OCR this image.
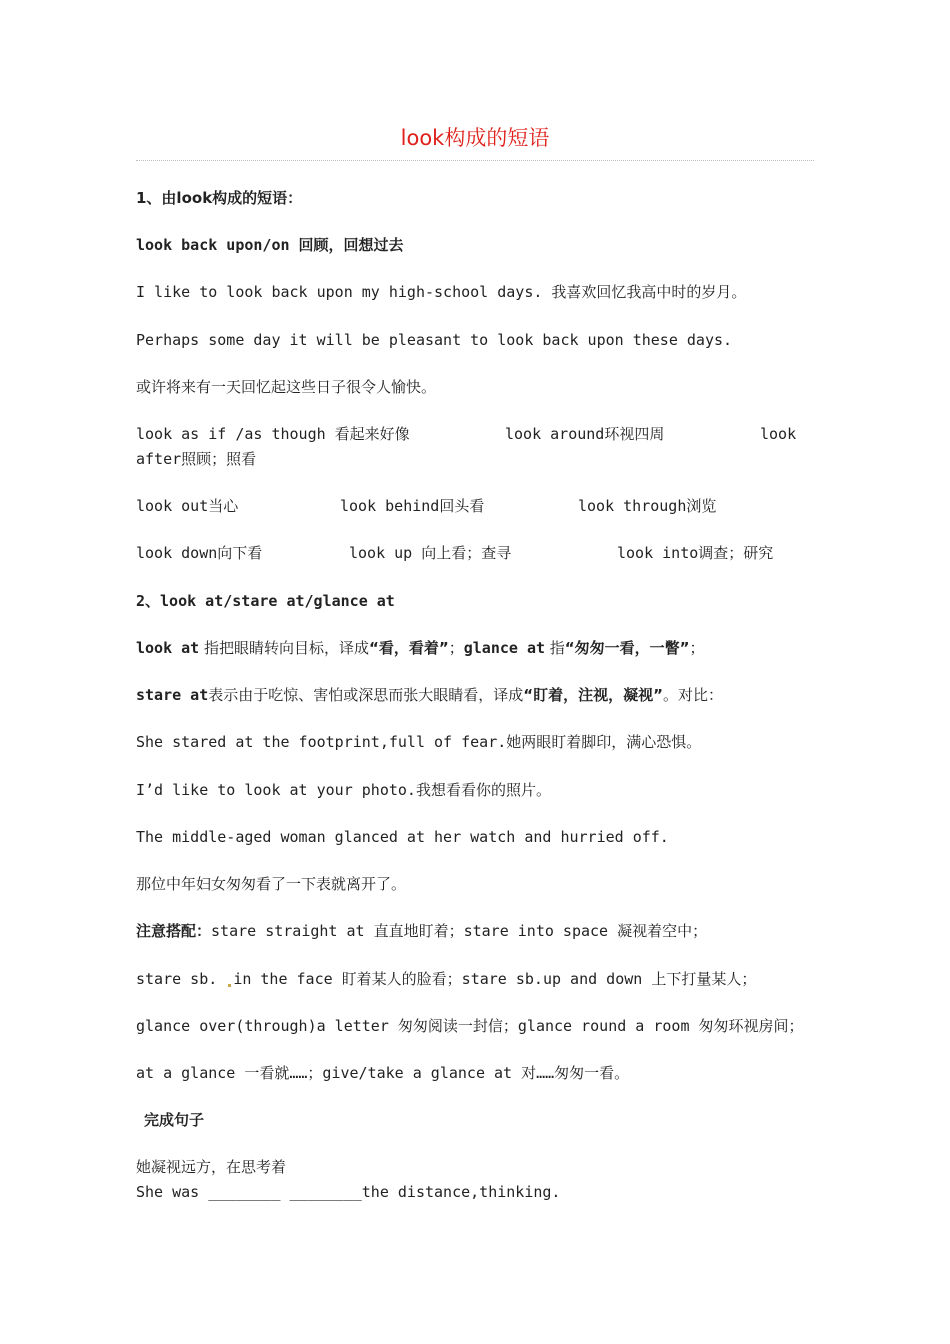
look构成的短语
1、由look构成的短语：
look back upon/on 回顾，回想过去
I like to look back upon my high-school days. 我喜欢回忆我高中时的岁月。
Perhaps some day it will be pleasant to look back upon these days.
或许将来有一天回忆起这些日子很令人愉快。
look as if /as though 看起来好像	look around环视四周	look
after照顾；照看
look out当心	look behind回头看	look through浏览
look down向下看	look up 向上看；查寻	look into调查；研究
2、look at/stare at/glance at
look at 指把眼睛转向目标，译成“看，看着”；glance at 指“匆匆一看，一瞥”；
stare at表示由于吃惊、害怕或深思而张大眼睛看，译成“盯着，注视，凝视”。对比：
She stared at the footprint,full of fear.她两眼盯着脚印，满心恐惧。
I’d like to look at your photo.我想看看你的照片。
The middle-aged woman glanced at her watch and hurried off.
那位中年妇女匆匆看了一下表就离开了。
注意搭配：stare straight at 直直地盯着；stare into space 凝视着空中；
stare sb. in the face 盯着某人的脸看；stare sb.up and down 上下打量某人；
glance over(through)a letter 匆匆阅读一封信；glance round a room 匆匆环视房间；
at a glance 一看就……；give/take a glance at 对……匆匆一看。
完成句子
她凝视远方，在思考着
She was ________ ________the distance,thinking.
